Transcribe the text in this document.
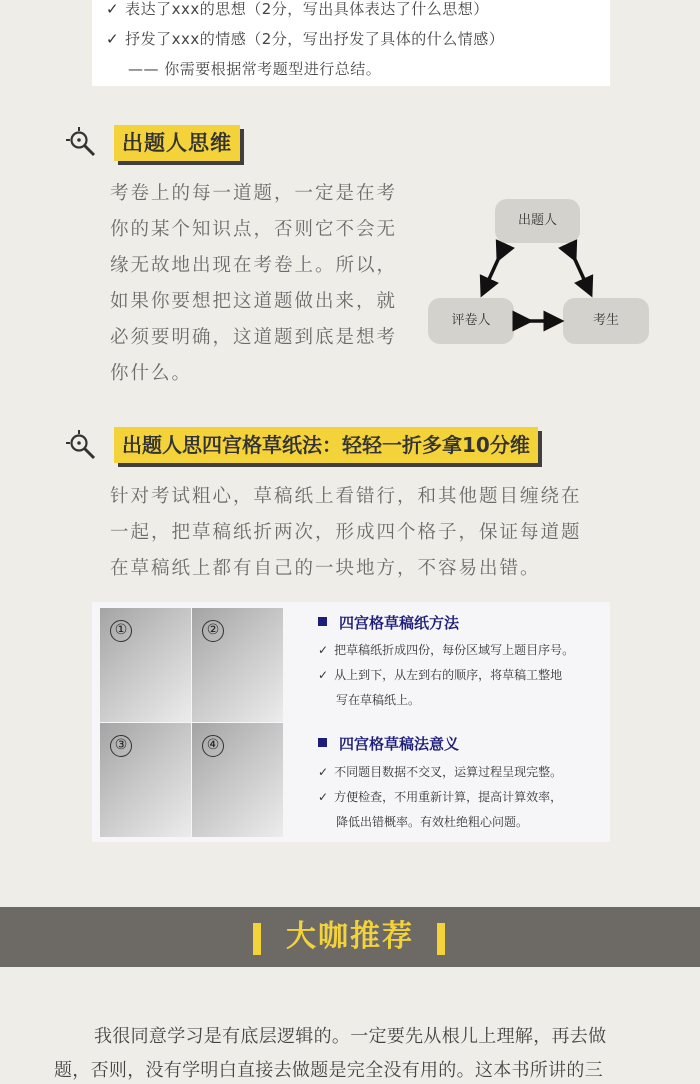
✓ 表达了xxx的思想（2分，写出具体表达了什么思想）
✓ 抒发了xxx的情感（2分，写出抒发了具体的什么情感）
—— 你需要根据常考题型进行总结。
出题人思维
考卷上的每一道题，一定是在考
你的某个知识点，否则它不会无
缘无故地出现在考卷上。所以，
如果你要想把这道题做出来，就
必须要明确，这道题到底是想考
你什么。
出题人
评卷人	考生
出题人思四宫格草纸法：轻轻一折多拿10分维
针对考试粗心，草稿纸上看错行，和其他题目缠绕在
一起，把草稿纸折两次，形成四个格子，保证每道题
在草稿纸上都有自己的一块地方，不容易出错。
①	②
③	④
四宫格草稿纸方法
✓ 把草稿纸折成四份，每份区域写上题目序号。
✓ 从上到下，从左到右的顺序，将草稿工整地
写在草稿纸上。
四宫格草稿法意义
✓ 不同题目数据不交叉，运算过程呈现完整。
✓ 方便检查，不用重新计算，提高计算效率，
降低出错概率。有效杜绝粗心问题。
大咖推荐
我很同意学习是有底层逻辑的。一定要先从根儿上理解，再去做
题，否则，没有学明白直接去做题是完全没有用的。这本书所讲的三
